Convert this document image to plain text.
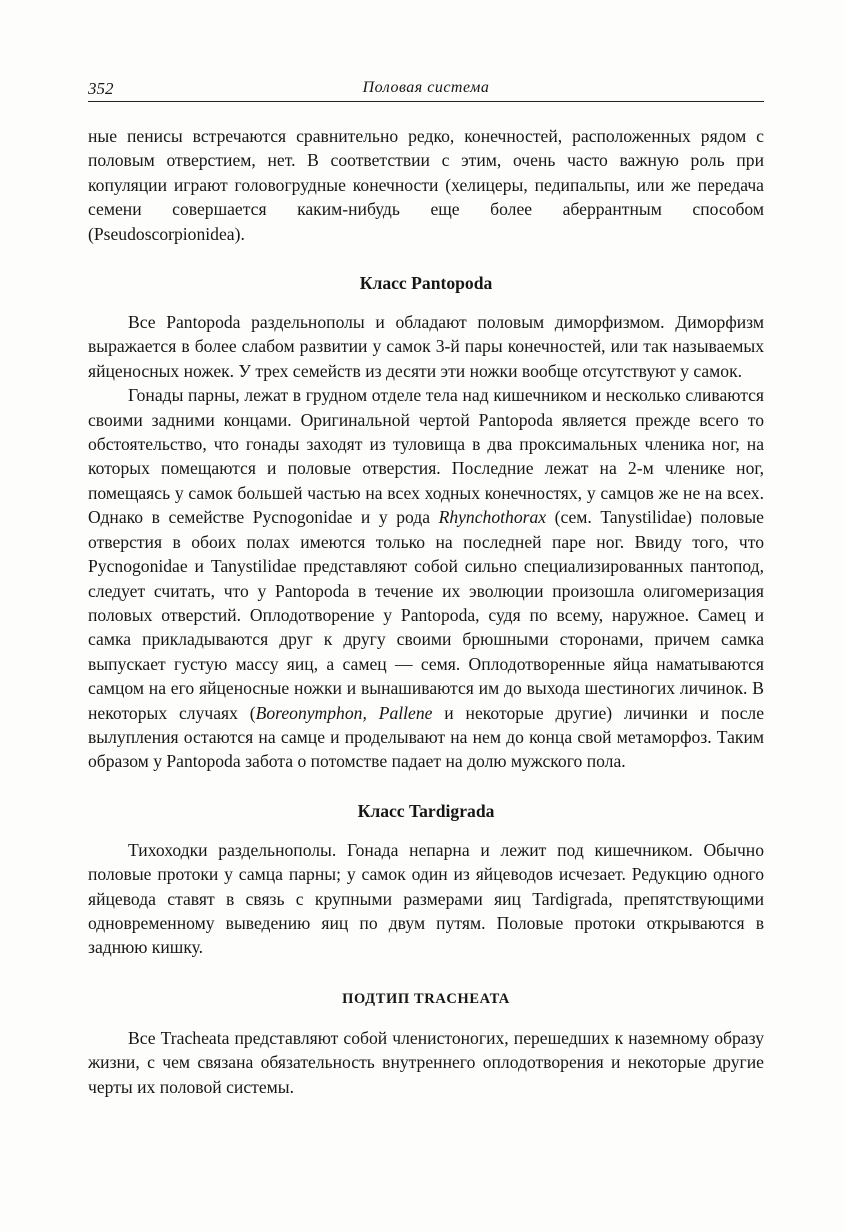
352	Половая система

ные пенисы встречаются сравнительно редко, конечностей, расположенных рядом с половым отверстием, нет. В соответствии с этим, очень часто важную роль при копуляции играют головогрудные конечности (хелицеры, педипальпы, или же передача семени совершается каким-нибудь еще более аберрантным способом (Pseudoscorpionidea).

Класс Pantopoda

Все Pantopoda раздельнополы и обладают половым диморфизмом. Диморфизм выражается в более слабом развитии у самок 3-й пары конечностей, или так называемых яйценосных ножек. У трех семейств из десяти эти ножки вообще отсутствуют у самок.

Гонады парны, лежат в грудном отделе тела над кишечником и несколько сливаются своими задними концами. Оригинальной чертой Pantopoda является прежде всего то обстоятельство, что гонады заходят из туловища в два проксимальных членика ног, на которых помещаются и половые отверстия. Последние лежат на 2-м членике ног, помещаясь у самок большей частью на всех ходных конечностях, у самцов же не на всех. Однако в семействе Pycnogonidae и у рода Rhynchothorax (сем. Tanystilidae) половые отверстия в обоих полах имеются только на последней паре ног. Ввиду того, что Pycnogonidae и Tanystilidae представляют собой сильно специализированных пантопод, следует считать, что у Pantopoda в течение их эволюции произошла олигомеризация половых отверстий. Оплодотворение у Pantopoda, судя по всему, наружное. Самец и самка прикладываются друг к другу своими брюшными сторонами, причем самка выпускает густую массу яиц, а самец — семя. Оплодотворенные яйца наматываются самцом на его яйценосные ножки и вынашиваются им до выхода шестиногих личинок. В некоторых случаях (Boreonymphon, Pallene и некоторые другие) личинки и после вылупления остаются на самце и проделывают на нем до конца свой метаморфоз. Таким образом у Pantopoda забота о потомстве падает на долю мужского пола.

Класс Tardigrada

Тихоходки раздельнополы. Гонада непарна и лежит под кишечником. Обычно половые протоки у самца парны; у самок один из яйцеводов исчезает. Редукцию одного яйцевода ставят в связь с крупными размерами яиц Tardigrada, препятствующими одновременному выведению яиц по двум путям. Половые протоки открываются в заднюю кишку.

ПОДТИП TRACHEATA

Все Tracheata представляют собой членистоногих, перешедших к наземному образу жизни, с чем связана обязательность внутреннего оплодотворения и некоторые другие черты их половой системы.
